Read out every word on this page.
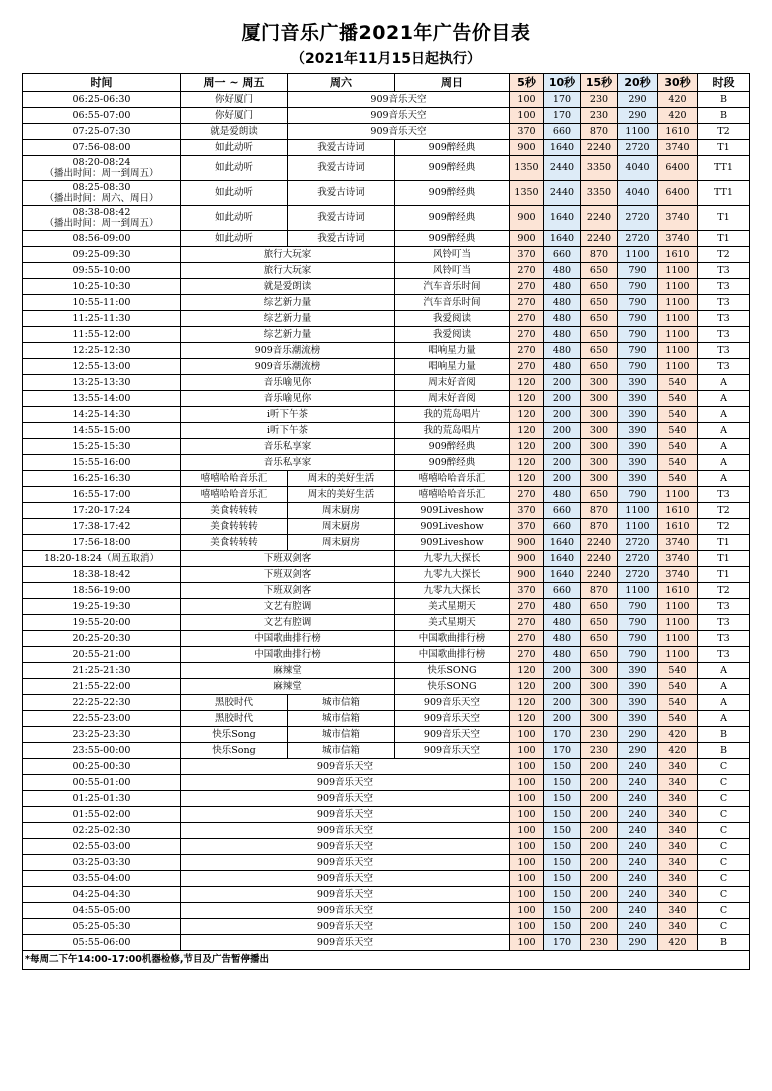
厦门音乐广播2021年广告价目表
（2021年11月15日起执行）
时间	周一 ~ 周五	周六	周日	5秒	10秒	15秒	20秒	30秒	时段
06:25-06:30	你好厦门	909音乐天空		100	170	230	290	420	B
06:55-07:00	你好厦门	909音乐天空		100	170	230	290	420	B
07:25-07:30	就是爱朗读	909音乐天空		370	660	870	1100	1610	T2
07:56-08:00	如此动听	我爱古诗词	909醉经典	900	1640	2240	2720	3740	T1

08:20-08:24
（播出时间：周一到周五）	如此动听	我爱古诗词	909醉经典	1350	2440	3350	4040	6400	TT1

08:25-08:30
（播出时间：周六、周日）	如此动听	我爱古诗词	909醉经典	1350	2440	3350	4040	6400	TT1

08:38-08:42
（播出时间：周一到周五）	如此动听	我爱古诗词	909醉经典	900	1640	2240	2720	3740	T1
08:56-09:00	如此动听	我爱古诗词	909醉经典	900	1640	2240	2720	3740	T1
09:25-09:30	旅行大玩家		风铃叮当	370	660	870	1100	1610	T2
09:55-10:00	旅行大玩家		风铃叮当	270	480	650	790	1100	T3
10:25-10:30	就是爱朗读		汽车音乐时间	270	480	650	790	1100	T3
10:55-11:00	综艺新力量		汽车音乐时间	270	480	650	790	1100	T3
11:25-11:30	综艺新力量		我爱阅读	270	480	650	790	1100	T3
11:55-12:00	综艺新力量		我爱阅读	270	480	650	790	1100	T3
12:25-12:30	909音乐潮流榜		唱响星力量	270	480	650	790	1100	T3
12:55-13:00	909音乐潮流榜		唱响星力量	270	480	650	790	1100	T3
13:25-13:30	音乐喻见你		周末好音阅	120	200	300	390	540	A
13:55-14:00	音乐喻见你		周末好音阅	120	200	300	390	540	A
14:25-14:30	i听下午茶		我的荒岛唱片	120	200	300	390	540	A
14:55-15:00	i听下午茶		我的荒岛唱片	120	200	300	390	540	A
15:25-15:30	音乐私享家		909醉经典	120	200	300	390	540	A
15:55-16:00	音乐私享家		909醉经典	120	200	300	390	540	A
16:25-16:30	嘻嘻哈哈音乐汇	周末的美好生活	嘻嘻哈哈音乐汇	120	200	300	390	540	A
16:55-17:00	嘻嘻哈哈音乐汇	周末的美好生活	嘻嘻哈哈音乐汇	270	480	650	790	1100	T3
17:20-17:24	美食转转转	周末厨房	909Liveshow	370	660	870	1100	1610	T2
17:38-17:42	美食转转转	周末厨房	909Liveshow	370	660	870	1100	1610	T2
17:56-18:00	美食转转转	周末厨房	909Liveshow	900	1640	2240	2720	3740	T1
18:20-18:24（周五取消）	下班双剑客		九零九大探长	900	1640	2240	2720	3740	T1
18:38-18:42	下班双剑客		九零九大探长	900	1640	2240	2720	3740	T1
18:56-19:00	下班双剑客		九零九大探长	370	660	870	1100	1610	T2
19:25-19:30	文艺有腔调		美式星期天	270	480	650	790	1100	T3
19:55-20:00	文艺有腔调		美式星期天	270	480	650	790	1100	T3
20:25-20:30	中国歌曲排行榜		中国歌曲排行榜	270	480	650	790	1100	T3
20:55-21:00	中国歌曲排行榜		中国歌曲排行榜	270	480	650	790	1100	T3
21:25-21:30	麻辣堂		快乐SONG	120	200	300	390	540	A
21:55-22:00	麻辣堂		快乐SONG	120	200	300	390	540	A
22:25-22:30	黑胶时代	城市信箱	909音乐天空	120	200	300	390	540	A
22:55-23:00	黑胶时代	城市信箱	909音乐天空	120	200	300	390	540	A
23:25-23:30	快乐Song	城市信箱	909音乐天空	100	170	230	290	420	B
23:55-00:00	快乐Song	城市信箱	909音乐天空	100	170	230	290	420	B
00:25-00:30	909音乐天空			100	150	200	240	340	C
00:55-01:00	909音乐天空			100	150	200	240	340	C
01:25-01:30	909音乐天空			100	150	200	240	340	C
01:55-02:00	909音乐天空			100	150	200	240	340	C
02:25-02:30	909音乐天空			100	150	200	240	340	C
02:55-03:00	909音乐天空			100	150	200	240	340	C
03:25-03:30	909音乐天空			100	150	200	240	340	C
03:55-04:00	909音乐天空			100	150	200	240	340	C
04:25-04:30	909音乐天空			100	150	200	240	340	C
04:55-05:00	909音乐天空			100	150	200	240	340	C
05:25-05:30	909音乐天空			100	150	200	240	340	C
05:55-06:00	909音乐天空			100	170	230	290	420	B
*每周二下午14:00-17:00机器检修,节目及广告暂停播出									
